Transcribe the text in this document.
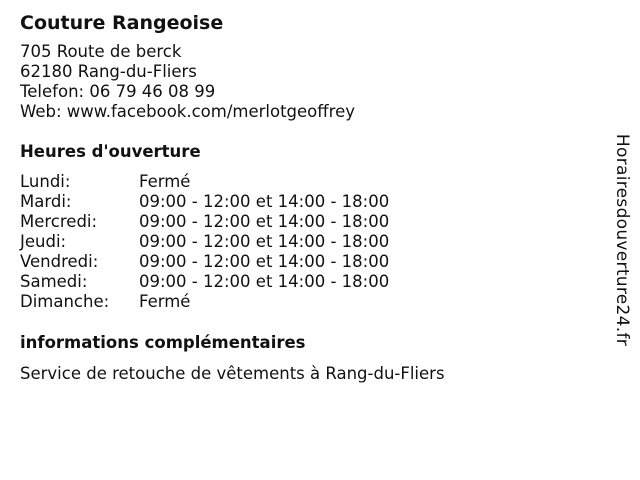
Couture Rangeoise
705 Route de berck
62180 Rang-du-Fliers
Telefon: 06 79 46 08 99
Web: www.facebook.com/merlotgeoffrey
Heures d'ouverture
Lundi:	Fermé
Mardi:	09:00 - 12:00 et 14:00 - 18:00
Mercredi:	09:00 - 12:00 et 14:00 - 18:00
Jeudi:	09:00 - 12:00 et 14:00 - 18:00
Vendredi:	09:00 - 12:00 et 14:00 - 18:00
Samedi:	09:00 - 12:00 et 14:00 - 18:00
Dimanche:	Fermé
informations complémentaires
Service de retouche de vêtements à Rang-du-Fliers
Horairesdouverture24.fr
